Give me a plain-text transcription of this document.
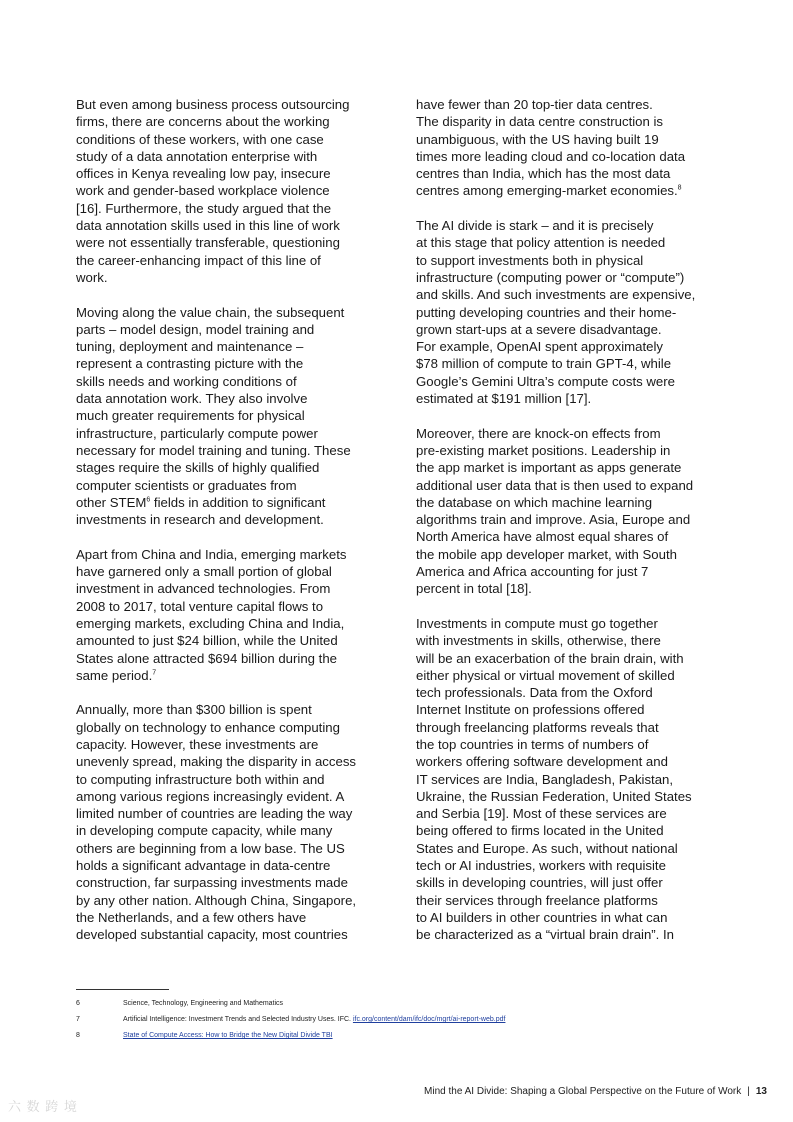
But even among business process outsourcing
firms, there are concerns about the working
conditions of these workers, with one case
study of a data annotation enterprise with
offices in Kenya revealing low pay, insecure
work and gender-based workplace violence
[16]. Furthermore, the study argued that the
data annotation skills used in this line of work
were not essentially transferable, questioning
the career-enhancing impact of this line of
work.
Moving along the value chain, the subsequent
parts – model design, model training and
tuning, deployment and maintenance –
represent a contrasting picture with the
skills needs and working conditions of
data annotation work. They also involve
much greater requirements for physical
infrastructure, particularly compute power
necessary for model training and tuning. These
stages require the skills of highly qualified
computer scientists or graduates from
other STEM$^6$ fields in addition to significant
investments in research and development.
Apart from China and India, emerging markets
have garnered only a small portion of global
investment in advanced technologies. From
2008 to 2017, total venture capital flows to
emerging markets, excluding China and India,
amounted to just $24 billion, while the United
States alone attracted $694 billion during the
same period.$^7$
Annually, more than $300 billion is spent
globally on technology to enhance computing
capacity. However, these investments are
unevenly spread, making the disparity in access
to computing infrastructure both within and
among various regions increasingly evident. A
limited number of countries are leading the way
in developing compute capacity, while many
others are beginning from a low base. The US
holds a significant advantage in data-centre
construction, far surpassing investments made
by any other nation. Although China, Singapore,
the Netherlands, and a few others have
developed substantial capacity, most countries
have fewer than 20 top-tier data centres.
The disparity in data centre construction is
unambiguous, with the US having built 19
times more leading cloud and co-location data
centres than India, which has the most data
centres among emerging-market economies.$^8$
The AI divide is stark – and it is precisely
at this stage that policy attention is needed
to support investments both in physical
infrastructure (computing power or “compute”)
and skills. And such investments are expensive,
putting developing countries and their home-
grown start-ups at a severe disadvantage.
For example, OpenAI spent approximately
$78 million of compute to train GPT-4, while
Google’s Gemini Ultra’s compute costs were
estimated at $191 million [17].
Moreover, there are knock-on effects from
pre-existing market positions. Leadership in
the app market is important as apps generate
additional user data that is then used to expand
the database on which machine learning
algorithms train and improve. Asia, Europe and
North America have almost equal shares of
the mobile app developer market, with South
America and Africa accounting for just 7
percent in total [18].
Investments in compute must go together
with investments in skills, otherwise, there
will be an exacerbation of the brain drain, with
either physical or virtual movement of skilled
tech professionals. Data from the Oxford
Internet Institute on professions offered
through freelancing platforms reveals that
the top countries in terms of numbers of
workers offering software development and
IT services are India, Bangladesh, Pakistan,
Ukraine, the Russian Federation, United States
and Serbia [19]. Most of these services are
being offered to firms located in the United
States and Europe. As such, without national
tech or AI industries, workers with requisite
skills in developing countries, will just offer
their services through freelance platforms
to AI builders in other countries in what can
be characterized as a “virtual brain drain”. In
6	Science, Technology, Engineering and Mathematics
7	Artificial Intelligence: Investment Trends and Selected Industry Uses. IFC. ifc.org/content/dam/ifc/doc/mgrt/ai-report-web.pdf
8	State of Compute Access: How to Bridge the New Digital Divide TBI
Mind the AI Divide: Shaping a Global Perspective on the Future of Work | 13
六 数 跨 境
